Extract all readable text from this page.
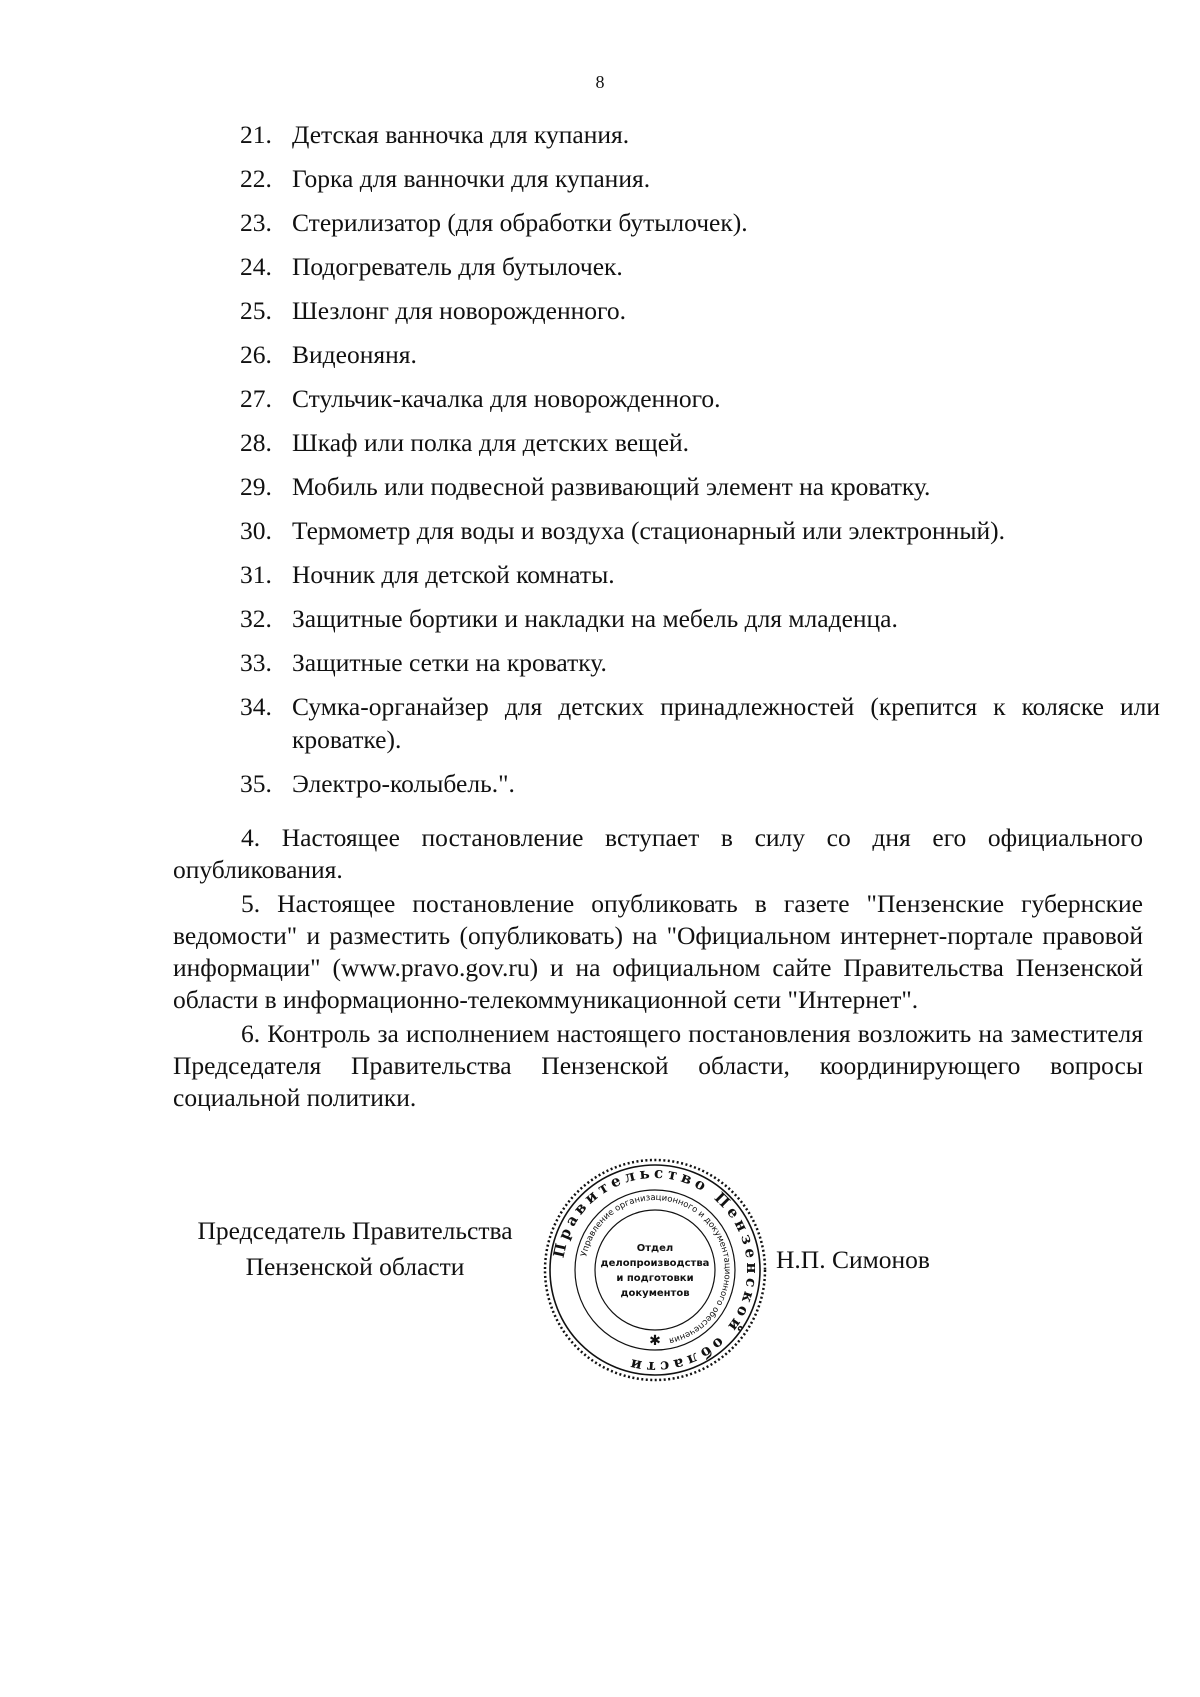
8
21. Детская ванночка для купания.
22. Горка для ванночки для купания.
23. Стерилизатор (для обработки бутылочек).
24. Подогреватель для бутылочек.
25. Шезлонг для новорожденного.
26. Видеоняня.
27. Стульчик-качалка для новорожденного.
28. Шкаф или полка для детских вещей.
29. Мобиль или подвесной развивающий элемент на кроватку.
30. Термометр для воды и воздуха (стационарный или электронный).
31. Ночник для детской комнаты.
32. Защитные бортики и накладки на мебель для младенца.
33. Защитные сетки на кроватку.
34. Сумка-органайзер для детских принадлежностей (крепится к коляске или кроватке).
35. Электро-колыбель.".

4. Настоящее постановление вступает в силу со дня его официального опубликования.

5. Настоящее постановление опубликовать в газете "Пензенские губернские ведомости" и разместить (опубликовать) на "Официальном интернет-портале правовой информации" (www.pravo.gov.ru) и на официальном сайте Правительства Пензенской области в информационно-телекоммуникационной сети "Интернет".

6. Контроль за исполнением настоящего постановления возложить на заместителя Председателя Правительства Пензенской области, координирующего вопросы социальной политики.

Председатель Правительства
Пензенской области
Правительство Пензенской области
Управление организационного и документационного обеспечения
Отдел
делопроизводства
и подготовки
документов
✱
Н.П. Симонов
